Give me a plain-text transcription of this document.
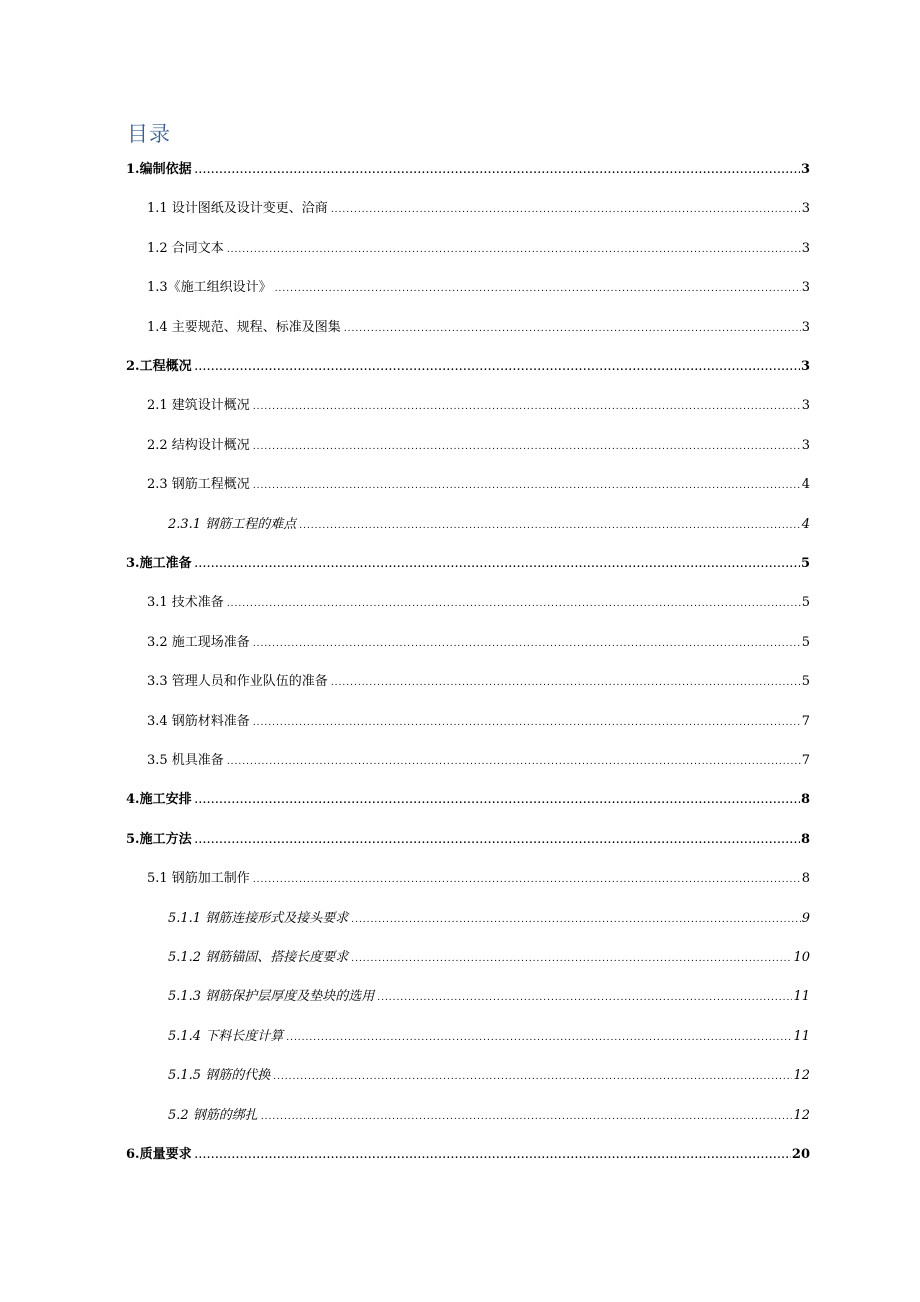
目录
1.编制依据 .....	3
1.1 设计图纸及设计变更、洽商 .....	3
1.2 合同文本 .....	3
1.3《施工组织设计》 .....	3
1.4 主要规范、规程、标准及图集 .....	3
2.工程概况 .....	3
2.1 建筑设计概况 .....	3
2.2 结构设计概况 .....	3
2.3 钢筋工程概况 .....	4
2.3.1 钢筋工程的难点 .....	4
3.施工准备 .....	5
3.1 技术准备 .....	5
3.2 施工现场准备 .....	5
3.3 管理人员和作业队伍的准备 .....	5
3.4 钢筋材料准备 .....	7
3.5 机具准备 .....	7
4.施工安排 .....	8
5.施工方法 .....	8
5.1 钢筋加工制作 .....	8
5.1.1 钢筋连接形式及接头要求 .....	9
5.1.2 钢筋锚固、搭接长度要求 .....	10
5.1.3 钢筋保护层厚度及垫块的选用 .....	11
5.1.4 下料长度计算 .....	11
5.1.5 钢筋的代换 .....	12
5.2 钢筋的绑扎 .....	12
6.质量要求 .....	20
